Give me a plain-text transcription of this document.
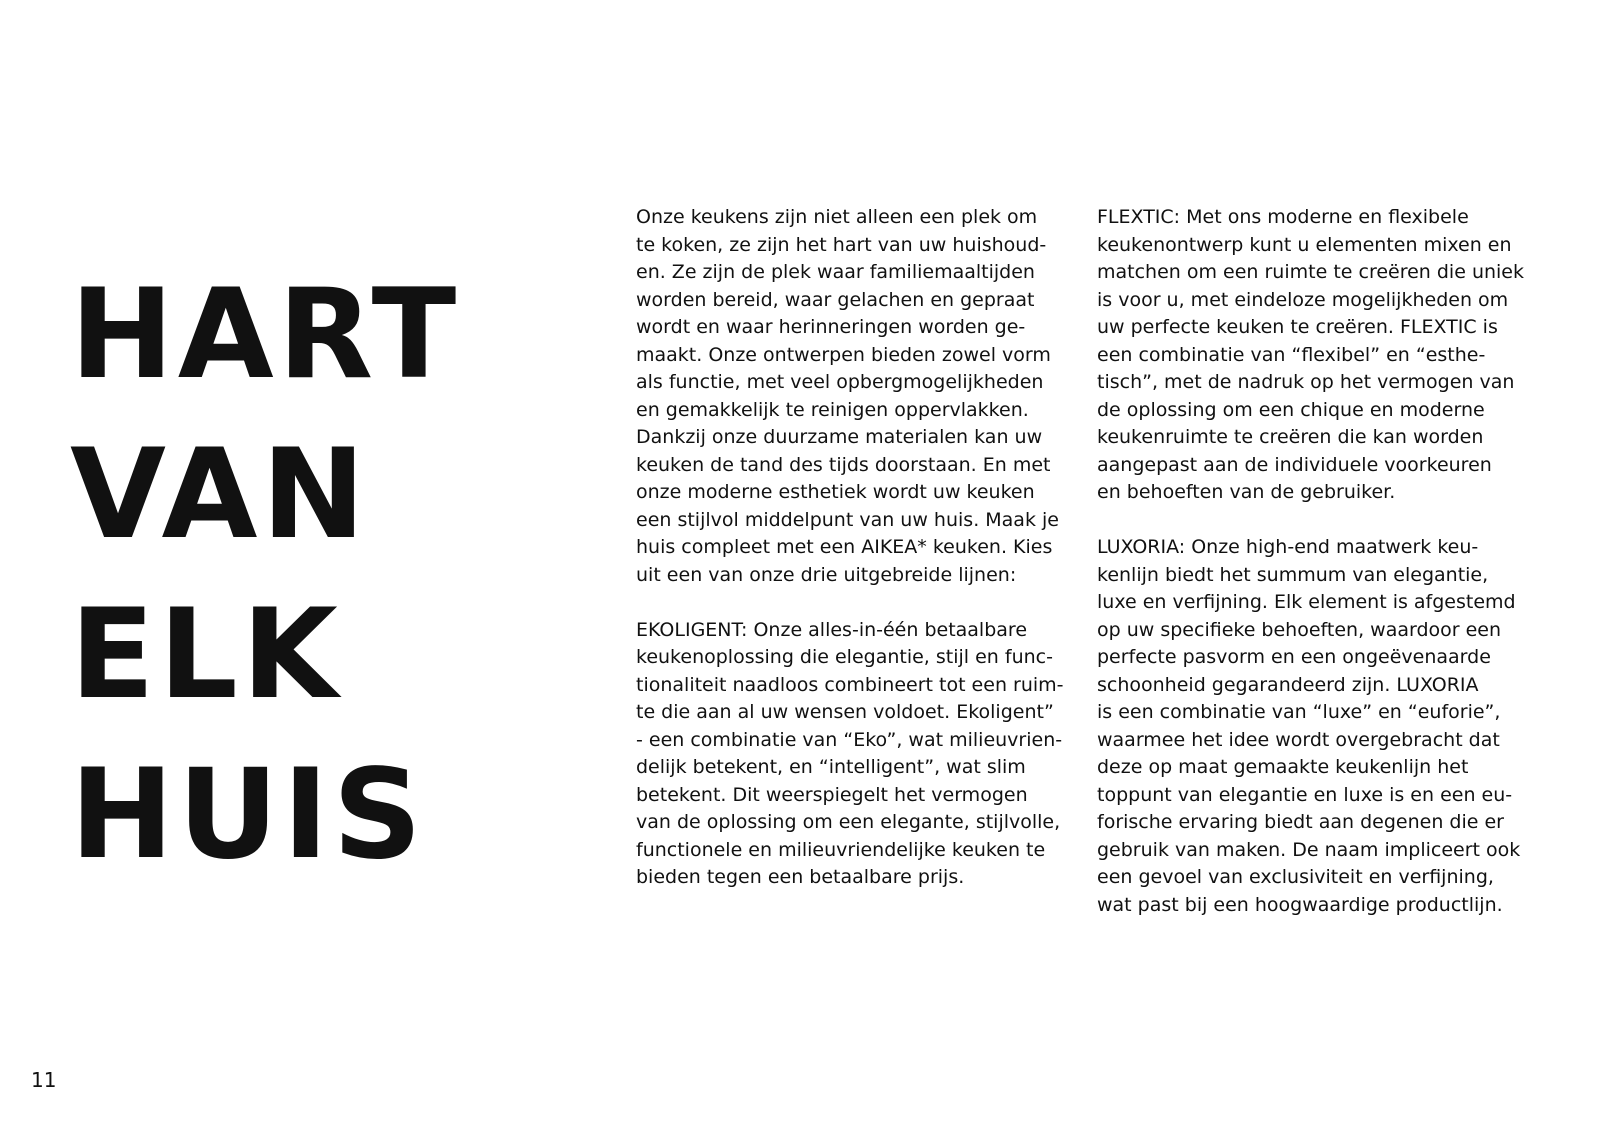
HART
VAN
ELK
HUIS

Onze keukens zijn niet alleen een plek om
te koken, ze zijn het hart van uw huishoud-
en. Ze zijn de plek waar familiemaaltijden
worden bereid, waar gelachen en gepraat
wordt en waar herinneringen worden ge-
maakt. Onze ontwerpen bieden zowel vorm
als functie, met veel opbergmogelijkheden
en gemakkelijk te reinigen oppervlakken.
Dankzij onze duurzame materialen kan uw
keuken de tand des tijds doorstaan. En met
onze moderne esthetiek wordt uw keuken
een stijlvol middelpunt van uw huis. Maak je
huis compleet met een AIKEA* keuken. Kies
uit een van onze drie uitgebreide lijnen:

EKOLIGENT: Onze alles-in-één betaalbare
keukenoplossing die elegantie, stijl en func-
tionaliteit naadloos combineert tot een ruim-
te die aan al uw wensen voldoet. Ekoligent”
- een combinatie van “Eko”, wat milieuvrien-
delijk betekent, en “intelligent”, wat slim
betekent. Dit weerspiegelt het vermogen
van de oplossing om een elegante, stijlvolle,
functionele en milieuvriendelijke keuken te
bieden tegen een betaalbare prijs.

FLEXTIC: Met ons moderne en flexibele
keukenontwerp kunt u elementen mixen en
matchen om een ruimte te creëren die uniek
is voor u, met eindeloze mogelijkheden om
uw perfecte keuken te creëren. FLEXTIC is
een combinatie van “flexibel” en “esthe-
tisch”, met de nadruk op het vermogen van
de oplossing om een chique en moderne
keukenruimte te creëren die kan worden
aangepast aan de individuele voorkeuren
en behoeften van de gebruiker.

LUXORIA: Onze high-end maatwerk keu-
kenlijn biedt het summum van elegantie,
luxe en verfijning. Elk element is afgestemd
op uw specifieke behoeften, waardoor een
perfecte pasvorm en een ongeëvenaarde
schoonheid gegarandeerd zijn. LUXORIA
is een combinatie van “luxe” en “euforie”,
waarmee het idee wordt overgebracht dat
deze op maat gemaakte keukenlijn het
toppunt van elegantie en luxe is en een eu-
forische ervaring biedt aan degenen die er
gebruik van maken. De naam impliceert ook
een gevoel van exclusiviteit en verfijning,
wat past bij een hoogwaardige productlijn.

11
